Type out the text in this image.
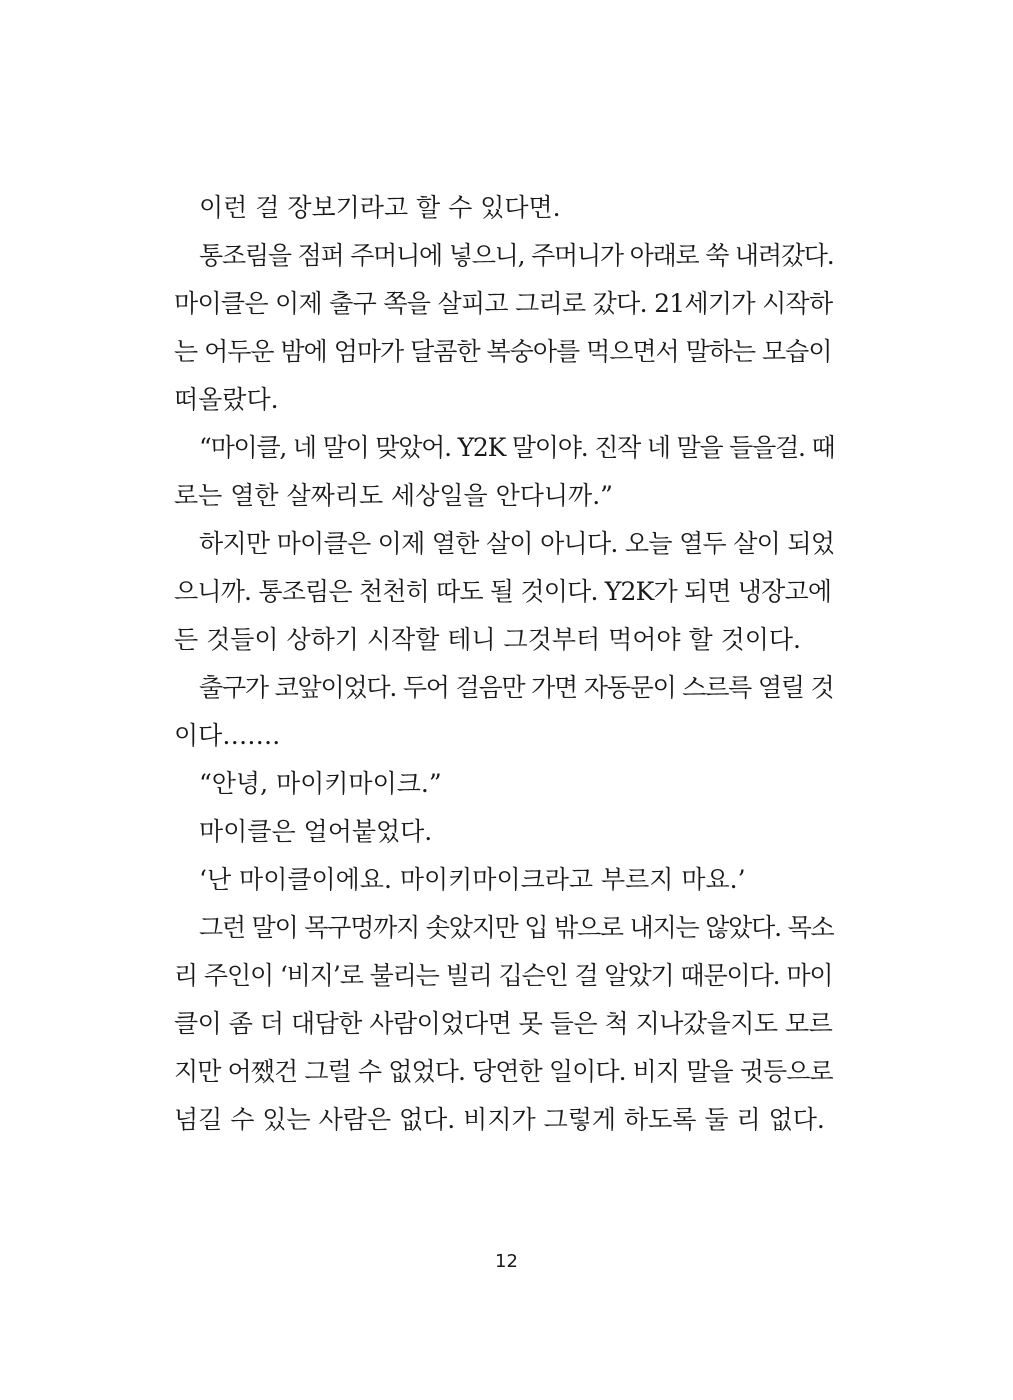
이런 걸 장보기라고 할 수 있다면.
통조림을 점퍼 주머니에 넣으니, 주머니가 아래로 쑥 내려갔다.
마이클은 이제 출구 쪽을 살피고 그리로 갔다. 21세기가 시작하
는 어두운 밤에 엄마가 달콤한 복숭아를 먹으면서 말하는 모습이
떠올랐다.
“마이클, 네 말이 맞았어. Y2K 말이야. 진작 네 말을 들을걸. 때
로는 열한 살짜리도 세상일을 안다니까.”
하지만 마이클은 이제 열한 살이 아니다. 오늘 열두 살이 되었
으니까. 통조림은 천천히 따도 될 것이다. Y2K가 되면 냉장고에
든 것들이 상하기 시작할 테니 그것부터 먹어야 할 것이다.
출구가 코앞이었다. 두어 걸음만 가면 자동문이 스르륵 열릴 것
이다…….
“안녕, 마이키마이크.”
마이클은 얼어붙었다.
‘난 마이클이에요. 마이키마이크라고 부르지 마요.’
그런 말이 목구멍까지 솟았지만 입 밖으로 내지는 않았다. 목소
리 주인이 ‘비지’로 불리는 빌리 깁슨인 걸 알았기 때문이다. 마이
클이 좀 더 대담한 사람이었다면 못 들은 척 지나갔을지도 모르
지만 어쨌건 그럴 수 없었다. 당연한 일이다. 비지 말을 귓등으로
넘길 수 있는 사람은 없다. 비지가 그렇게 하도록 둘 리 없다.
12
